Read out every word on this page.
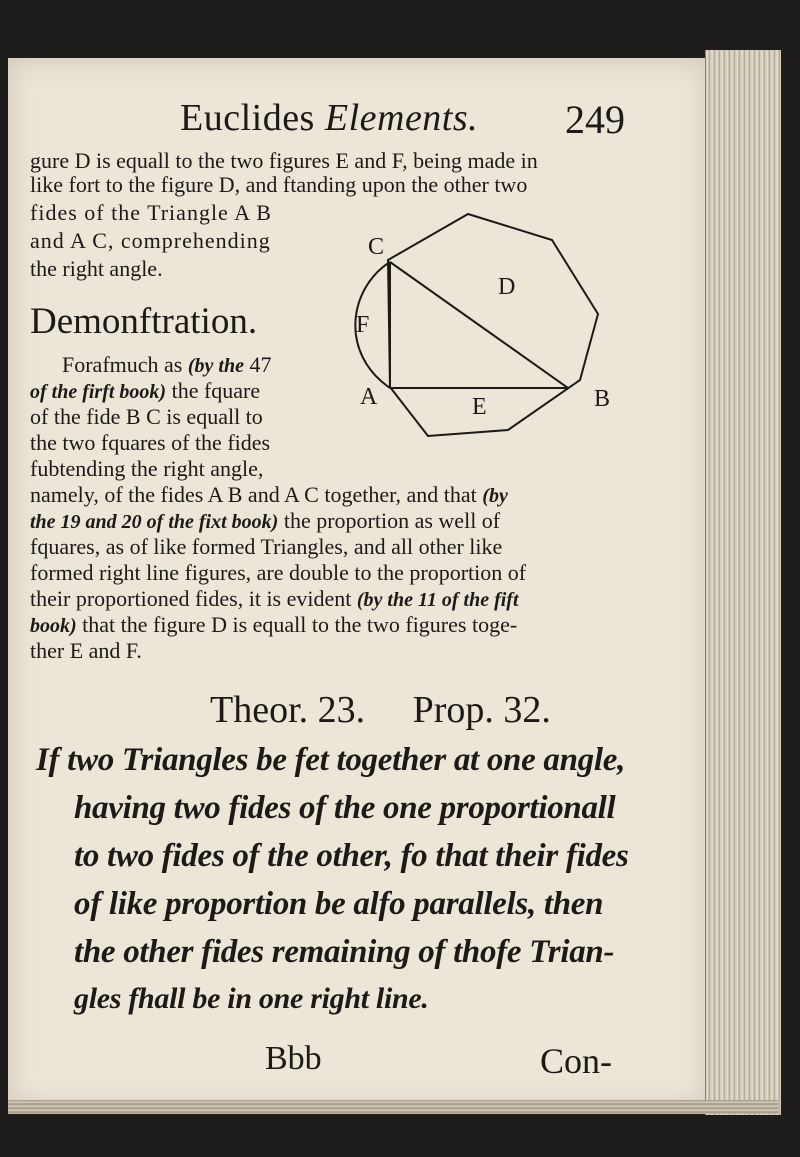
Euclides Elements. 249
gure D is equall to the two figures E and F, being made in
like fort to the figure D, and ftanding upon the other two
fides of the Triangle A B
and A C, comprehending
the right angle.
Demonftration.
Forafmuch as (by the 47
of the firft book) the fquare
of the fide B C is equall to
the two fquares of the fides
fubtending the right angle,
namely, of the fides A B and A C together, and that (by
the 19 and 20 of the fixt book) the proportion as well of
fquares, as of like formed Triangles, and all other like
formed right line figures, are double to the proportion of
their proportioned fides, it is evident (by the 11 of the fift
book) that the figure D is equall to the two figures toge-
ther E and F.
C
D
F
A	E	B
Theor. 23. Prop. 32.
If two Triangles be fet together at one angle,
having two fides of the one proportionall
to two fides of the other, fo that their fides
of like proportion be alfo parallels, then
the other fides remaining of thofe Trian-
gles fhall be in one right line.
Bbb	Con-
